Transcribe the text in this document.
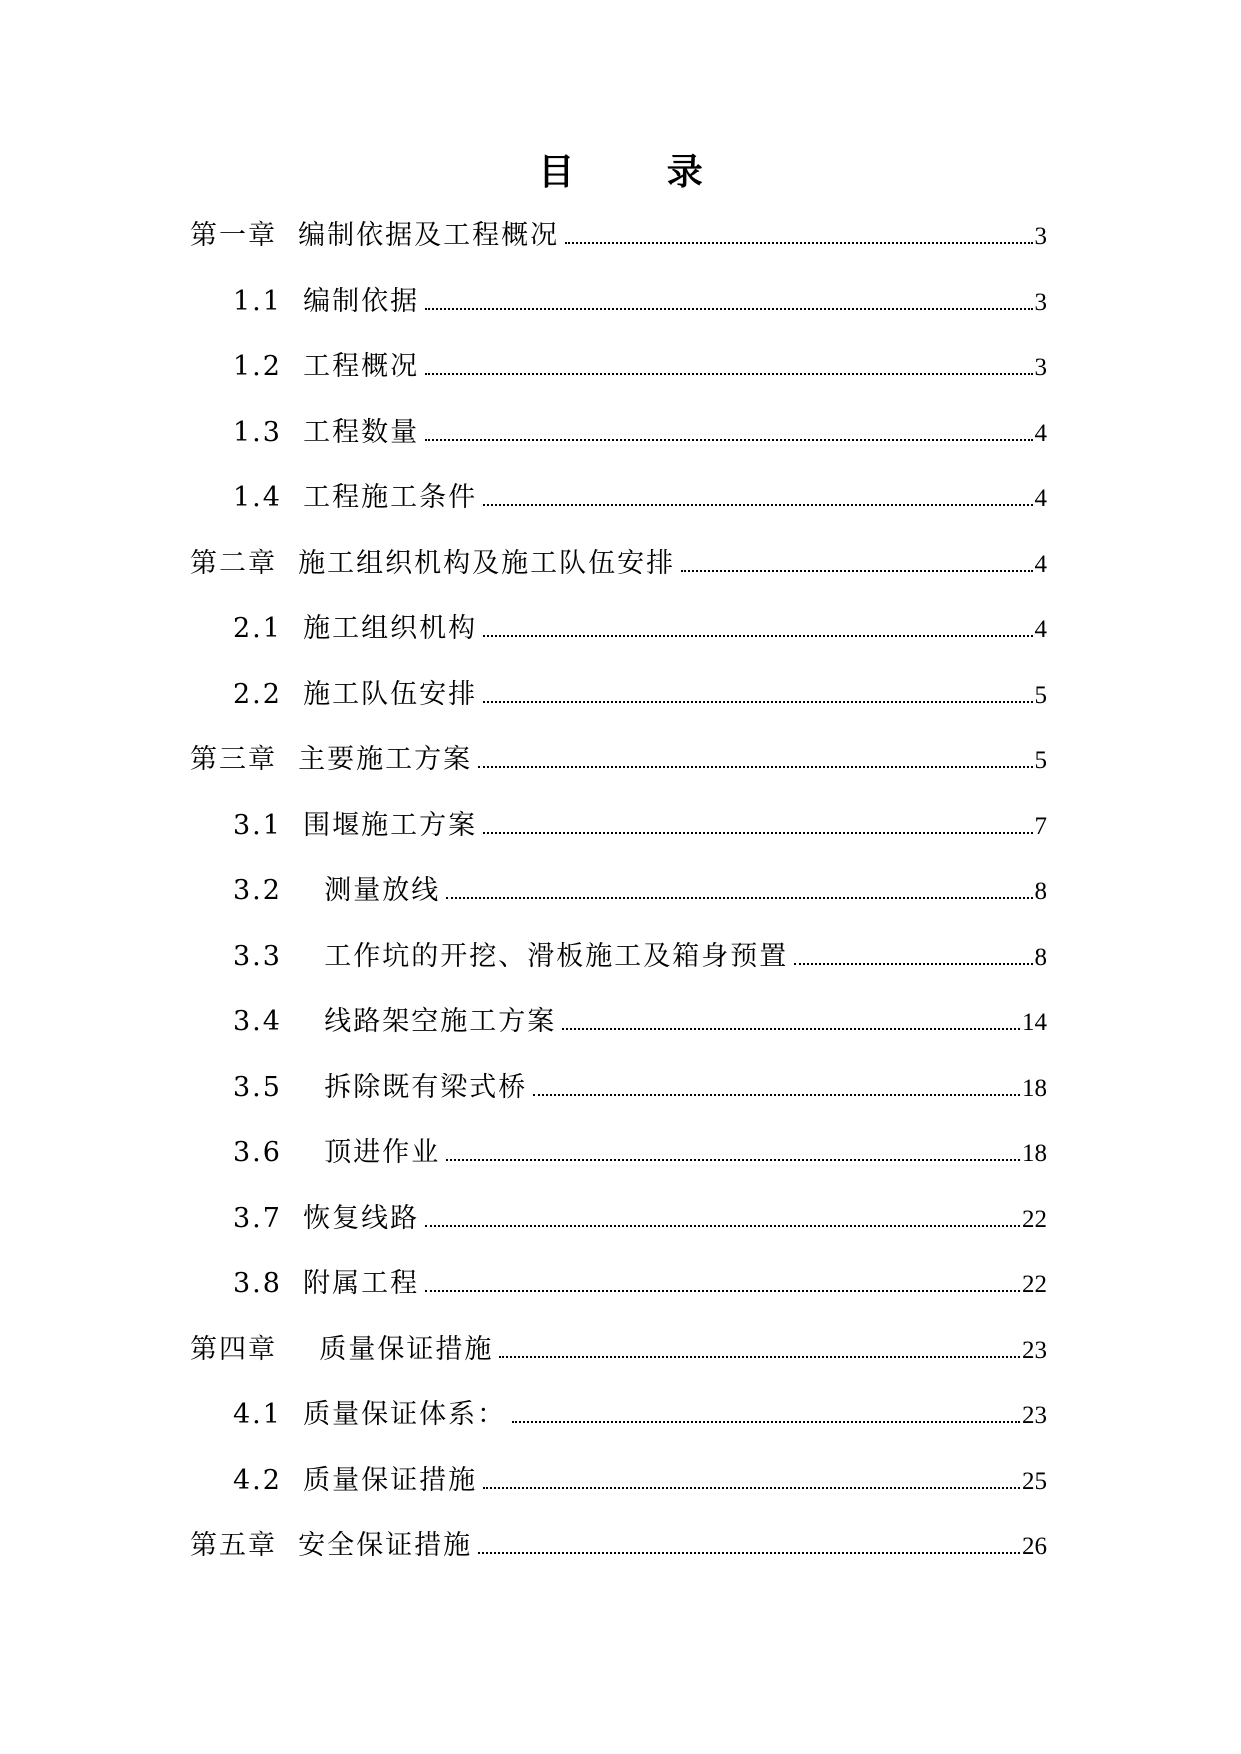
目 录
第一章  编制依据及工程概况	3
1.1  编制依据	3
1.2  工程概况	3
1.3  工程数量	4
1.4  工程施工条件	4
第二章  施工组织机构及施工队伍安排	4
2.1  施工组织机构	4
2.2  施工队伍安排	5
第三章  主要施工方案	5
3.1  围堰施工方案	7
3.2    测量放线	8
3.3    工作坑的开挖、滑板施工及箱身预置	8
3.4    线路架空施工方案	14
3.5    拆除既有梁式桥	18
3.6    顶进作业	18
3.7  恢复线路	22
3.8  附属工程	22
第四章    质量保证措施	23
4.1  质量保证体系：	23
4.2  质量保证措施	25
第五章  安全保证措施	26
